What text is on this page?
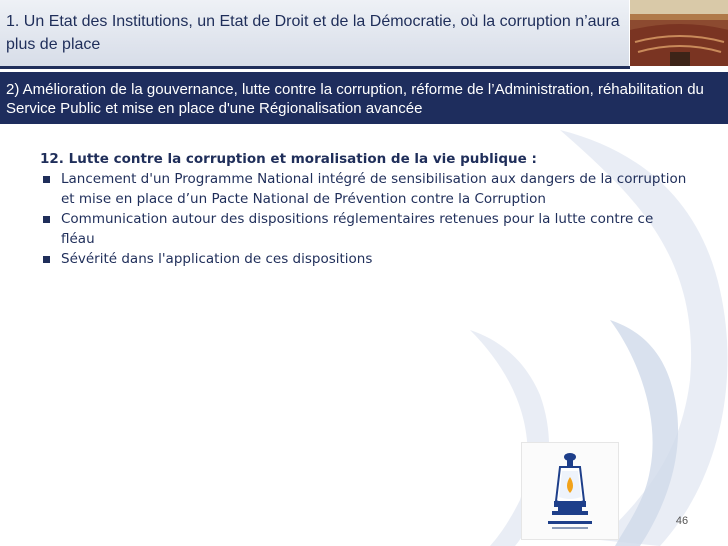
1. Un Etat des Institutions, un Etat de Droit et de la Démocratie, où la corruption n’aura plus de place
2) Amélioration de la gouvernance, lutte contre la corruption, réforme de l’Administration, réhabilitation du Service Public et mise en place d'une Régionalisation avancée
12. Lutte contre la corruption et moralisation de la vie publique :
Lancement d'un Programme National intégré de sensibilisation aux dangers de la corruption et mise en place d’un Pacte National de Prévention contre la Corruption
Communication autour des dispositions réglementaires retenues pour la lutte contre ce fléau
Sévérité dans l'application de ces dispositions
46
